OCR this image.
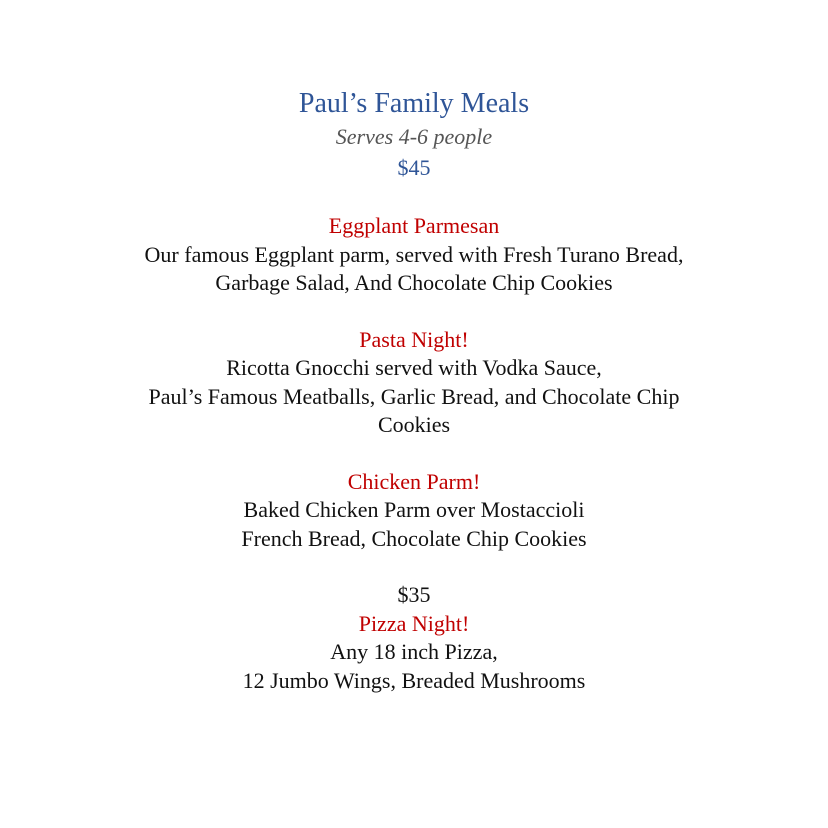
Paul’s Family Meals
Serves 4-6 people
$45
Eggplant Parmesan
Our famous Eggplant parm, served with Fresh Turano Bread,
Garbage Salad, And Chocolate Chip Cookies
Pasta Night!
Ricotta Gnocchi served with Vodka Sauce,
Paul’s Famous Meatballs, Garlic Bread, and Chocolate Chip
Cookies
Chicken Parm!
Baked Chicken Parm over Mostaccioli
French Bread, Chocolate Chip Cookies
$35
Pizza Night!
Any 18 inch Pizza,
12 Jumbo Wings, Breaded Mushrooms
